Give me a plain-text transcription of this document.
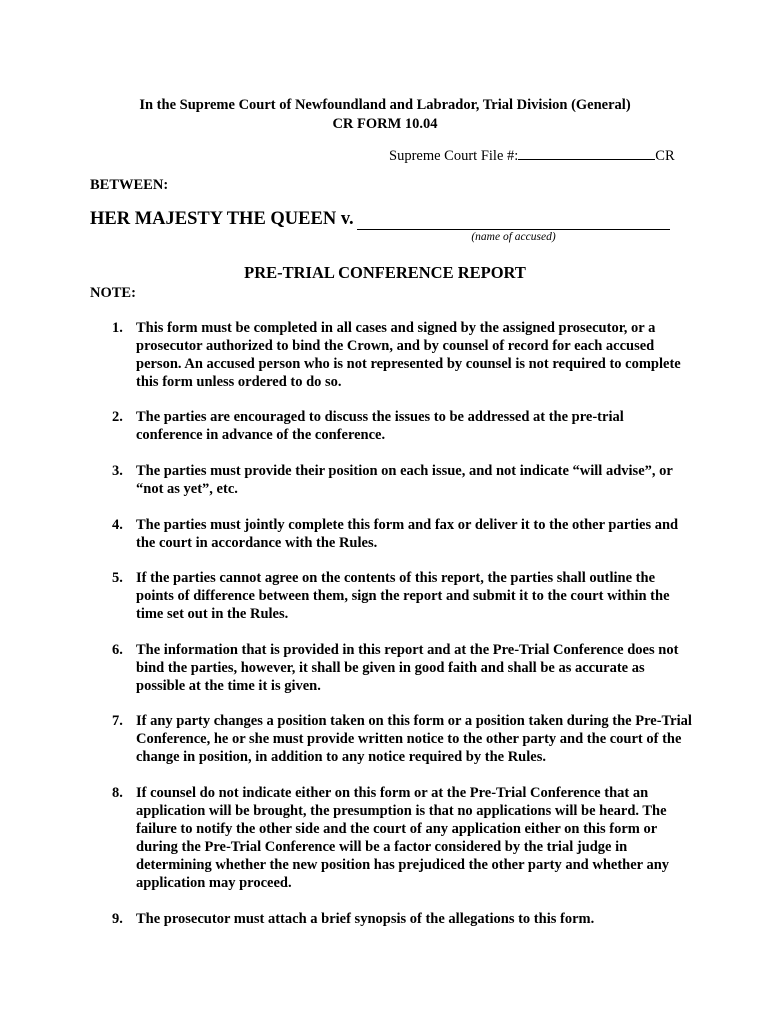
In the Supreme Court of Newfoundland and Labrador, Trial Division (General)
CR FORM 10.04
Supreme Court File #:	CR
BETWEEN:
HER MAJESTY THE QUEEN v.
(name of accused)
PRE-TRIAL CONFERENCE REPORT
NOTE:
1. This form must be completed in all cases and signed by the assigned prosecutor, or a prosecutor authorized to bind the Crown, and by counsel of record for each accused person. An accused person who is not represented by counsel is not required to complete this form unless ordered to do so.
2. The parties are encouraged to discuss the issues to be addressed at the pre-trial conference in advance of the conference.
3. The parties must provide their position on each issue, and not indicate “will advise”, or “not as yet”, etc.
4. The parties must jointly complete this form and fax or deliver it to the other parties and the court in accordance with the Rules.
5. If the parties cannot agree on the contents of this report, the parties shall outline the points of difference between them, sign the report and submit it to the court within the time set out in the Rules.
6. The information that is provided in this report and at the Pre-Trial Conference does not bind the parties, however, it shall be given in good faith and shall be as accurate as possible at the time it is given.
7. If any party changes a position taken on this form or a position taken during the Pre-Trial Conference, he or she must provide written notice to the other party and the court of the change in position, in addition to any notice required by the Rules.
8. If counsel do not indicate either on this form or at the Pre-Trial Conference that an application will be brought, the presumption is that no applications will be heard. The failure to notify the other side and the court of any application either on this form or during the Pre-Trial Conference will be a factor considered by the trial judge in determining whether the new position has prejudiced the other party and whether any application may proceed.
9. The prosecutor must attach a brief synopsis of the allegations to this form.
